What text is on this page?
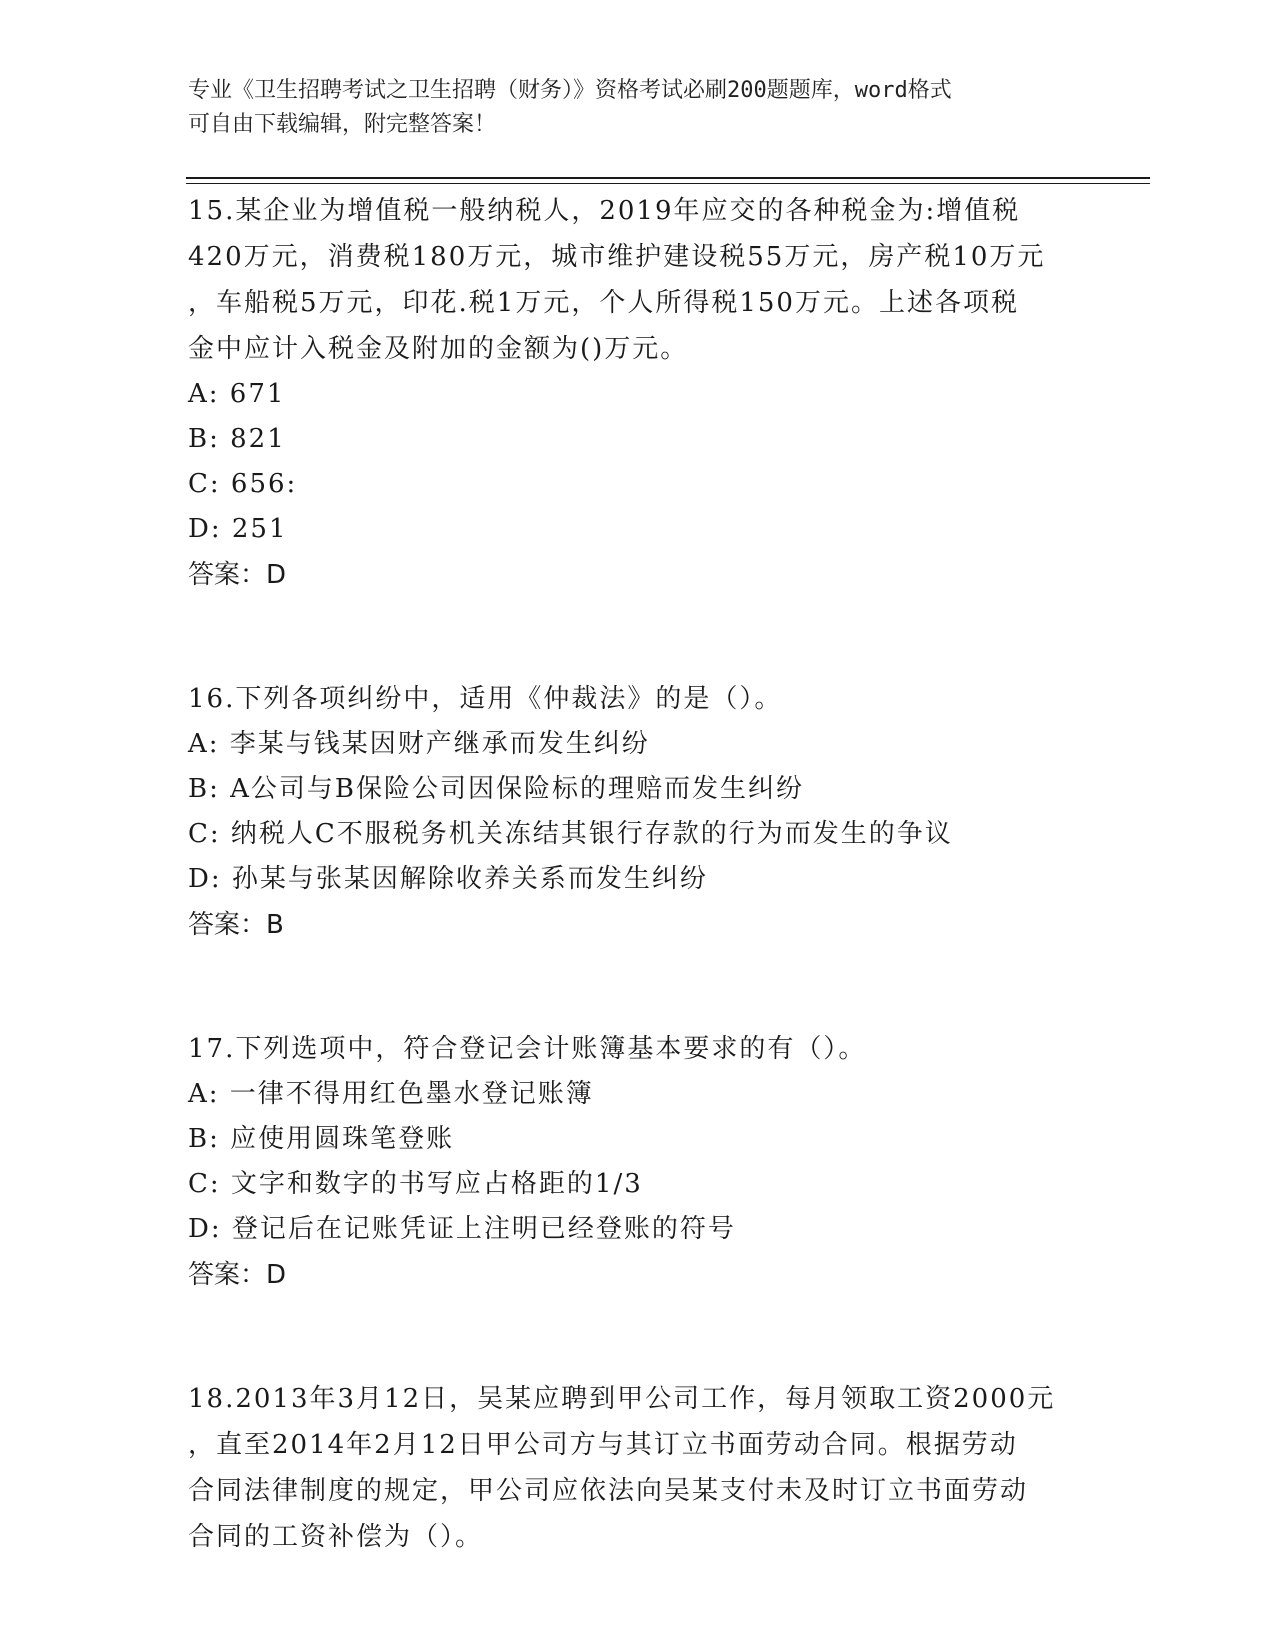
专业《卫生招聘考试之卫生招聘（财务）》资格考试必刷200题题库，word格式
可自由下载编辑，附完整答案！
15.某企业为增值税一般纳税人，2019年应交的各种税金为:增值税
420万元，消费税180万元，城市维护建设税55万元，房产税10万元
，车船税5万元，印花.税1万元，个人所得税150万元。上述各项税
金中应计入税金及附加的金额为()万元。
A: 671
B: 821
C: 656:
D: 251
答案：D
16.下列各项纠纷中，适用《仲裁法》的是（）。
A: 李某与钱某因财产继承而发生纠纷
B: A公司与B保险公司因保险标的理赔而发生纠纷
C: 纳税人C不服税务机关冻结其银行存款的行为而发生的争议
D: 孙某与张某因解除收养关系而发生纠纷
答案：B
17.下列选项中，符合登记会计账簿基本要求的有（）。
A: 一律不得用红色墨水登记账簿
B: 应使用圆珠笔登账
C: 文字和数字的书写应占格距的1/3
D: 登记后在记账凭证上注明已经登账的符号
答案：D
18.2013年3月12日，吴某应聘到甲公司工作，每月领取工资2000元
，直至2014年2月12日甲公司方与其订立书面劳动合同。根据劳动
合同法律制度的规定，甲公司应依法向吴某支付未及时订立书面劳动
合同的工资补偿为（）。
